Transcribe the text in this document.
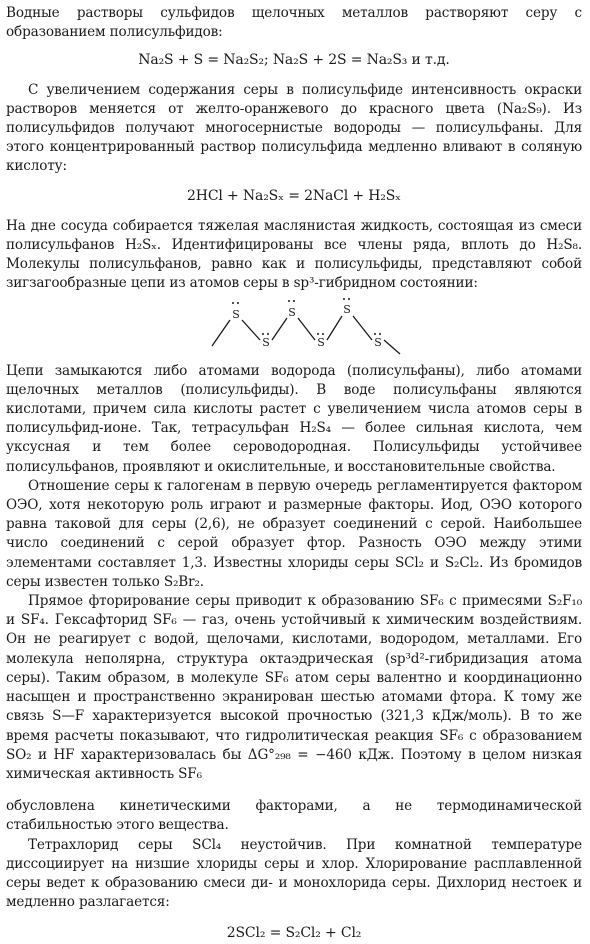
Водные растворы сульфидов щелочных металлов растворяют серу с образованием полисульфидов:

Na₂S + S = Na₂S₂; Na₂S + 2S = Na₂S₃ и т.д.

С увеличением содержания серы в полисульфиде интенсивность окраски растворов меняется от желто-оранжевого до красного цвета (Na₂S₉). Из полисульфидов получают многосернистые водороды — полисульфаны. Для этого концентрированный раствор полисульфида медленно вливают в соляную кислоту:

2HCl + Na₂Sₓ = 2NaCl + H₂Sₓ

На дне сосуда собирается тяжелая маслянистая жидкость, состоящая из смеси полисульфанов H₂Sₓ. Идентифицированы все члены ряда, вплоть до H₂S₈. Молекулы полисульфанов, равно как и полисульфиды, представляют собой зигзагообразные цепи из атомов серы в sp³-гибридном состоянии:

S
S
S
S
S
S

Цепи замыкаются либо атомами водорода (полисульфаны), либо атомами щелочных металлов (полисульфиды). В воде полисульфаны являются кислотами, причем сила кислоты растет с увеличением числа атомов серы в полисульфид-ионе. Так, тетрасульфан H₂S₄ — более сильная кислота, чем уксусная и тем более сероводородная. Полисульфиды устойчивее полисульфанов, проявляют и окислительные, и восстановительные свойства.

Отношение серы к галогенам в первую очередь регламентируется фактором ОЭО, хотя некоторую роль играют и размерные факторы. Иод, ОЭО которого равна таковой для серы (2,6), не образует соединений с серой. Наибольшее число соединений с серой образует фтор. Разность ОЭО между этими элементами составляет 1,3. Известны хлориды серы SCl₂ и S₂Cl₂. Из бромидов серы известен только S₂Br₂.

Прямое фторирование серы приводит к образованию SF₆ с примесями S₂F₁₀ и SF₄. Гексафторид SF₆ — газ, очень устойчивый к химическим воздействиям. Он не реагирует с водой, щелочами, кислотами, водородом, металлами. Его молекула неполярна, структура октаэдрическая (sp³d²-гибридизация атома серы). Таким образом, в молекуле SF₆ атом серы валентно и координационно насыщен и пространственно экранирован шестью атомами фтора. К тому же связь S—F характеризуется высокой прочностью (321,3 кДж/моль). В то же время расчеты показывают, что гидролитическая реакция SF₆ с образованием SO₂ и HF характеризовалась бы ΔG°₂₉₈ = −460 кДж. Поэтому в целом низкая химическая активность SF₆

обусловлена кинетическими факторами, а не термодинамической стабильностью этого вещества.

Тетрахлорид серы SCl₄ неустойчив. При комнатной температуре диссоциирует на низшие хлориды серы и хлор. Хлорирование расплавленной серы ведет к образованию смеси ди- и монохлорида серы. Дихлорид нестоек и медленно разлагается:

2SCl₂ = S₂Cl₂ + Cl₂
